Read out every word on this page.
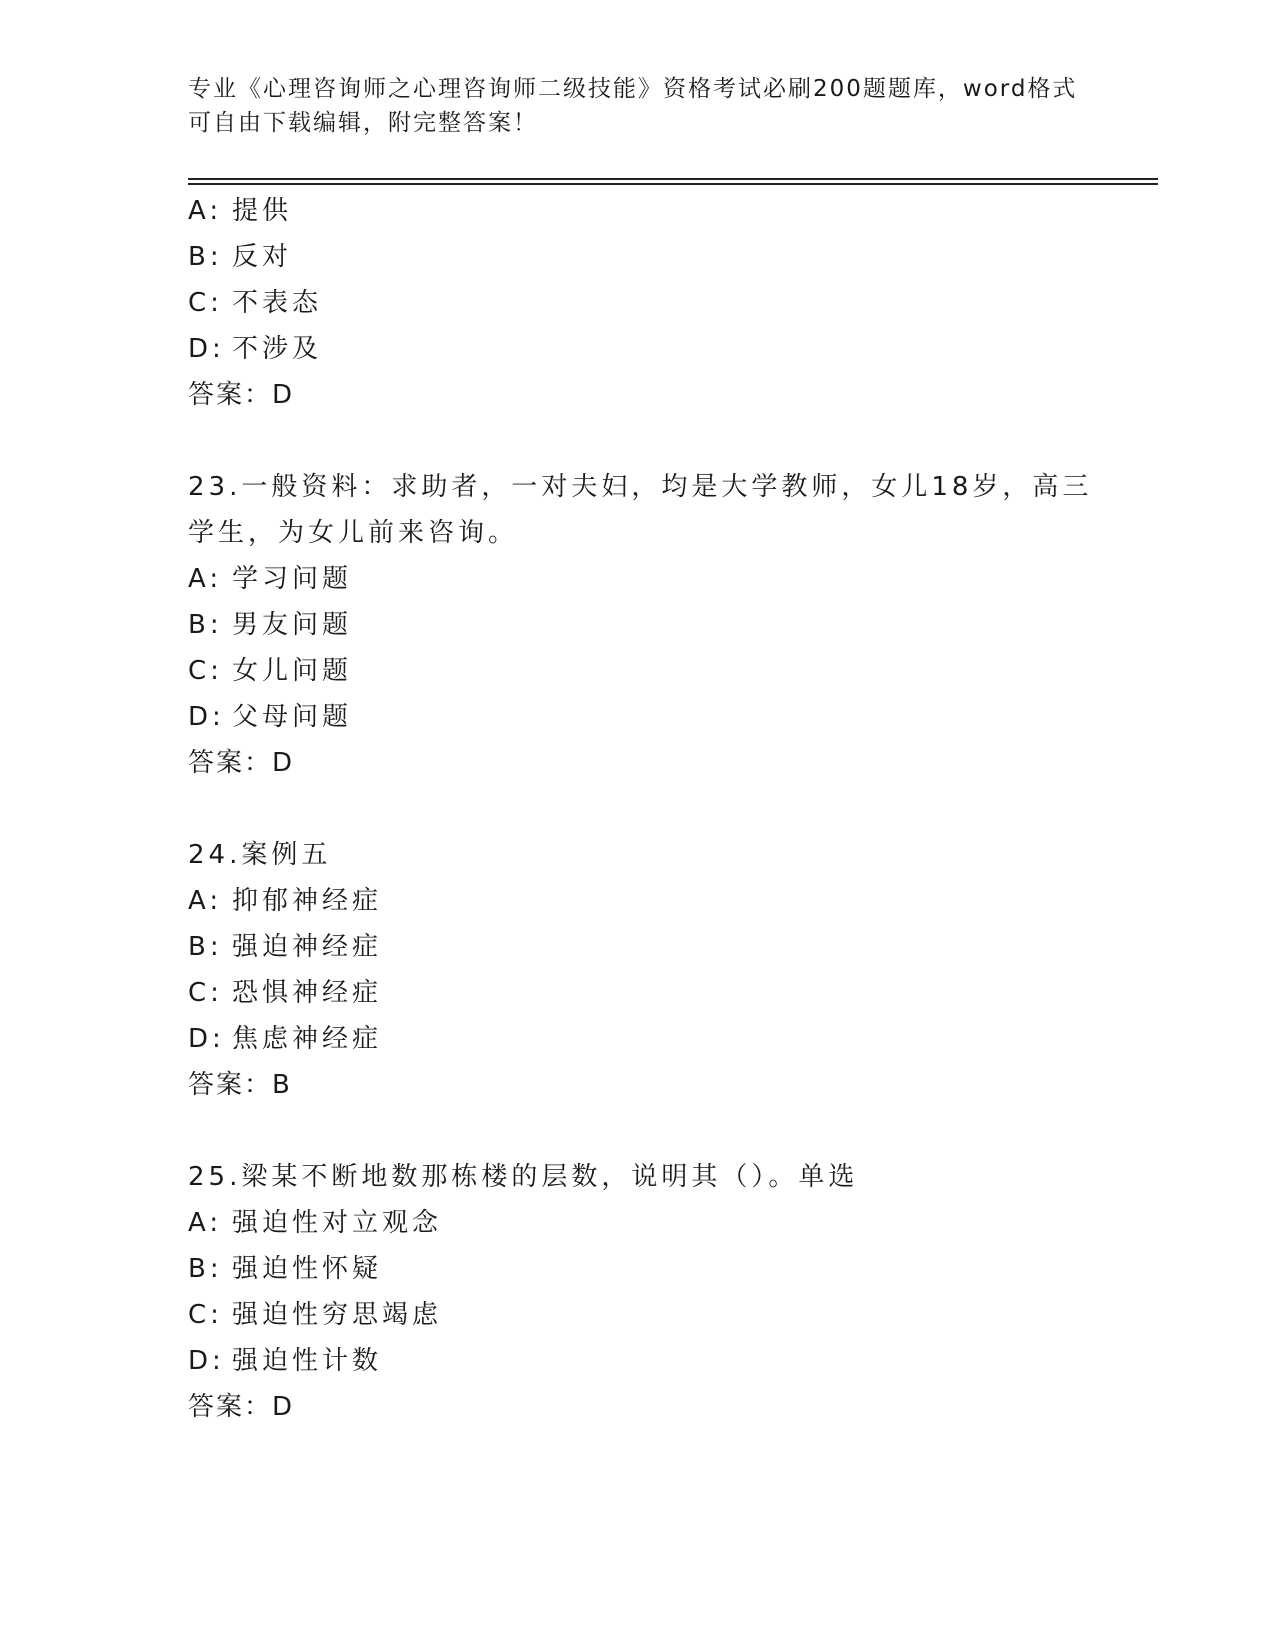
专业《心理咨询师之心理咨询师二级技能》资格考试必刷200题题库，word格式
可自由下载编辑，附完整答案！
A: 提供
B: 反对
C: 不表态
D: 不涉及
答案：D
23.一般资料：求助者，一对夫妇，均是大学教师，女儿18岁，高三
学生，为女儿前来咨询。
A: 学习问题
B: 男友问题
C: 女儿问题
D: 父母问题
答案：D
24.案例五
A: 抑郁神经症
B: 强迫神经症
C: 恐惧神经症
D: 焦虑神经症
答案：B
25.梁某不断地数那栋楼的层数，说明其（）。单选
A: 强迫性对立观念
B: 强迫性怀疑
C: 强迫性穷思竭虑
D: 强迫性计数
答案：D
